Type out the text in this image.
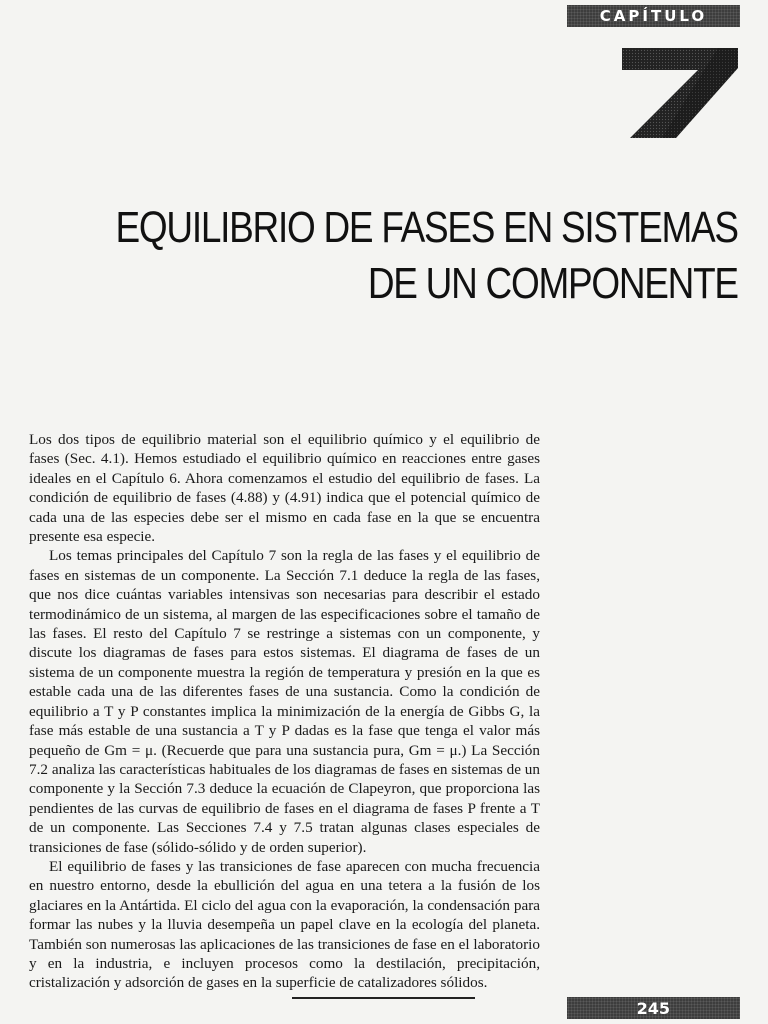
CAPÍTULO
EQUILIBRIO DE FASES EN SISTEMAS
DE UN COMPONENTE

Los dos tipos de equilibrio material son el equilibrio químico y el equilibrio de fases (Sec. 4.1). Hemos estudiado el equilibrio químico en reacciones entre gases ideales en el Capítulo 6. Ahora comenzamos el estudio del equilibrio de fases. La condición de equilibrio de fases (4.88) y (4.91) indica que el potencial químico de cada una de las especies debe ser el mismo en cada fase en la que se encuentra presente esa especie.

Los temas principales del Capítulo 7 son la regla de las fases y el equilibrio de fases en sistemas de un componente. La Sección 7.1 deduce la regla de las fases, que nos dice cuántas variables intensivas son necesarias para describir el estado termodinámico de un sistema, al margen de las especificaciones sobre el tamaño de las fases. El resto del Capítulo 7 se restringe a sistemas con un componente, y discute los diagramas de fases para estos sistemas. El diagrama de fases de un sistema de un componente muestra la región de temperatura y presión en la que es estable cada una de las diferentes fases de una sustancia. Como la condición de equilibrio a T y P constantes implica la minimización de la energía de Gibbs G, la fase más estable de una sustancia a T y P dadas es la fase que tenga el valor más pequeño de Gm = μ. (Recuerde que para una sustancia pura, Gm = μ.) La Sección 7.2 analiza las características habituales de los diagramas de fases en sistemas de un componente y la Sección 7.3 deduce la ecuación de Clapeyron, que proporciona las pendientes de las curvas de equilibrio de fases en el diagrama de fases P frente a T de un componente. Las Secciones 7.4 y 7.5 tratan algunas clases especiales de transiciones de fase (sólido-sólido y de orden superior).

El equilibrio de fases y las transiciones de fase aparecen con mucha frecuencia en nuestro entorno, desde la ebullición del agua en una tetera a la fusión de los glaciares en la Antártida. El ciclo del agua con la evaporación, la condensación para formar las nubes y la lluvia desempeña un papel clave en la ecología del planeta. También son numerosas las aplicaciones de las transiciones de fase en el laboratorio y en la industria, e incluyen procesos como la destilación, precipitación, cristalización y adsorción de gases en la superficie de catalizadores sólidos.

245
